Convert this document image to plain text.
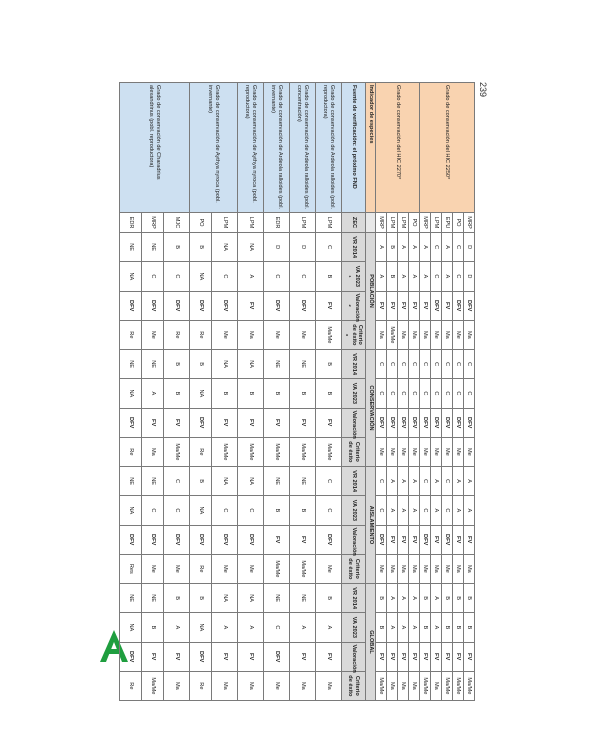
239
Grado de conservación del HIC 2250*	MRP	D	D	DFV	Ma	C	C	DFV	Me	A	A	FV	Ma	B	B	FV	Ma/Me
	PO	C	C	DFV	Me	C	C	DFV	Me	A	A	FV	Ma	B	B	FV	Ma/Me
	EPU	A	A	FV	Ma	C	C	DFV	Me	C	C	DFV	Me	B	B	FV	Ma/Me
	LPM	C	C	DFV	Me	C	C	DFV	Me	A	A	FV	Ma	A	A	FV	Ma
	MRP	A	A	FV	Ma	C	C	DFV	Me	C	C	DFV	Me	B	B	FV	Ma/Me
Grado de conservación del HIC 2270*	PO	A	A	FV	Ma	C	C	DFV	Me	A	A	FV	Ma	A	A	FV	Ma
	LPM	A	A	FV	Ma	C	C	DFV	Me	A	A	FV	Ma	A	A	FV	Ma
	LPM	B	B	FV	Ma/Me	C	C	DFV	Me	A	A	FV	Ma	A	A	FV	Ma
	MRP	A	A	FV	Ma	C	C	DFV	Me	C	C	DFV	Me	B	B	FV	Ma/Me
Indicador de especies		POBLACIÓN				CONSERVACIÓN				AISLAMIENTO				GLOBAL			
Fuente de verificación: el próximo FND	ZEC	VR 2014	VA 2023 ₁	Valoración ₂	Criterio de éxito ₃	VR 2014	VA 2023	Valoración	Criterio de éxito	VR 2014	VA 2023	Valoración	Criterio de éxito	VR 2014	VA 2023	Valoración	Criterio de éxito
Grado de conservación de Ardeola ralloides (pobl. reproductora)	LPM	C	B	FV	Ma/Me	B	B	FV	Ma/Me	C	C	DFV	Me	B	A	FV	Ma
Grado de conservación de Ardeola ralloides (pobl. concentración)	LPM	D	C	DFV	Me	NE	B	FV	Ma/Me	NE	B	FV	Ma/Me	NE	A	FV	Ma
Grado de conservación de Ardeola ralloides (pobl. invernante)	EDR	D	C	DFV	Me	NE	B	FV	Ma/Me	NE	B	FV	Ma/Me	NE	C	DFV	Me
Grado de conservación de Aythya nyroca (pobl. reproductora)	LPM	NA	A	FV	Ma	NA	B	FV	Ma/Me	NA	C	DFV	Me	NA	A	FV	Ma
Grado de conservación de Aythya nyroca (pobl. invernante)	LPM	NA	C	DFV	Me	NA	B	FV	Ma/Me	NA	C	DFV	Me	NA	A	FV	Ma
	PO	B	NA	DFV	Re	B	NA	DFV	Re	B	NA	DFV	Re	B	NA	DFV	Re
Grado de conservación de Charadrius alexandrinus (pobl. reproductora)	MJC	B	C	DFV	Re	B	B	FV	Ma/Me	C	C	DFV	Me	B	A	FV	Ma
	MRP	NE	C	DFV	Me	NE	A	FV	Ma	NE	C	DFV	Me	NE	B	FV	Ma/Me
	EDR	NE	NA	DFV	Re	NE	NA	DFV	Re	NE	NA	DFV	Res	NE	NA	DFV	Re
